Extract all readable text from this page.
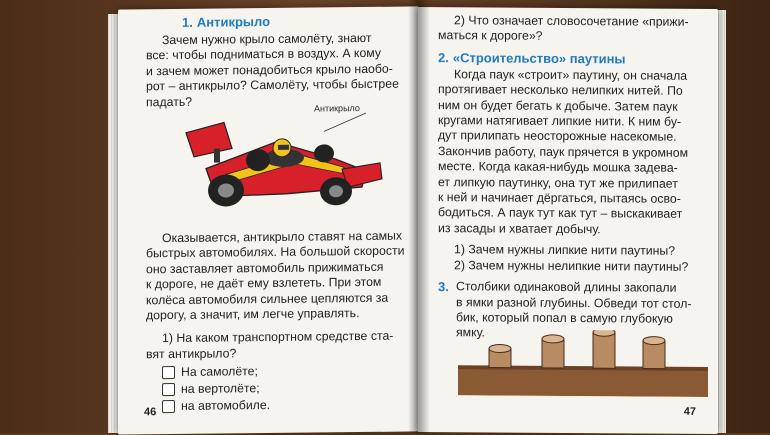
1. Антикрыло
Зачем нужно крыло самолёту, знают
все: чтобы подниматься в воздух. А кому
и зачем может понадобиться крыло наобо-
рот – антикрыло? Самолёту, чтобы быстрее
падать?	Антикрыло
Оказывается, антикрыло ставят на самых
быстрых автомобилях. На большой скорости
оно заставляет автомобиль прижиматься
к дороге, не даёт ему взлететь. При этом
колёса автомобиля сильнее цепляются за
дорогу, а значит, им легче управлять.
1) На каком транспортном средстве ста-
вят антикрыло?
На самолёте;
на вертолёте;
на автомобиле.
46
2) Что означает словосочетание «прижи-
маться к дороге»?
2. «Строительство» паутины
Когда паук «строит» паутину, он сначала
протягивает несколько нелипких нитей. По
ним он будет бегать к добыче. Затем паук
кругами натягивает липкие нити. К ним бу-
дут прилипать неосторожные насекомые.
Закончив работу, паук прячется в укромном
месте. Когда какая-нибудь мошка задева-
ет липкую паутинку, она тут же прилипает
к ней и начинает дёргаться, пытаясь осво-
бодиться. А паук тут как тут – выскакивает
из засады и хватает добычу.
1) Зачем нужны липкие нити паутины?
2) Зачем нужны нелипкие нити паутины?
3. Столбики одинаковой длины закопали
в ямки разной глубины. Обведи тот стол-
бик, который попал в самую глубокую
ямку.
47
